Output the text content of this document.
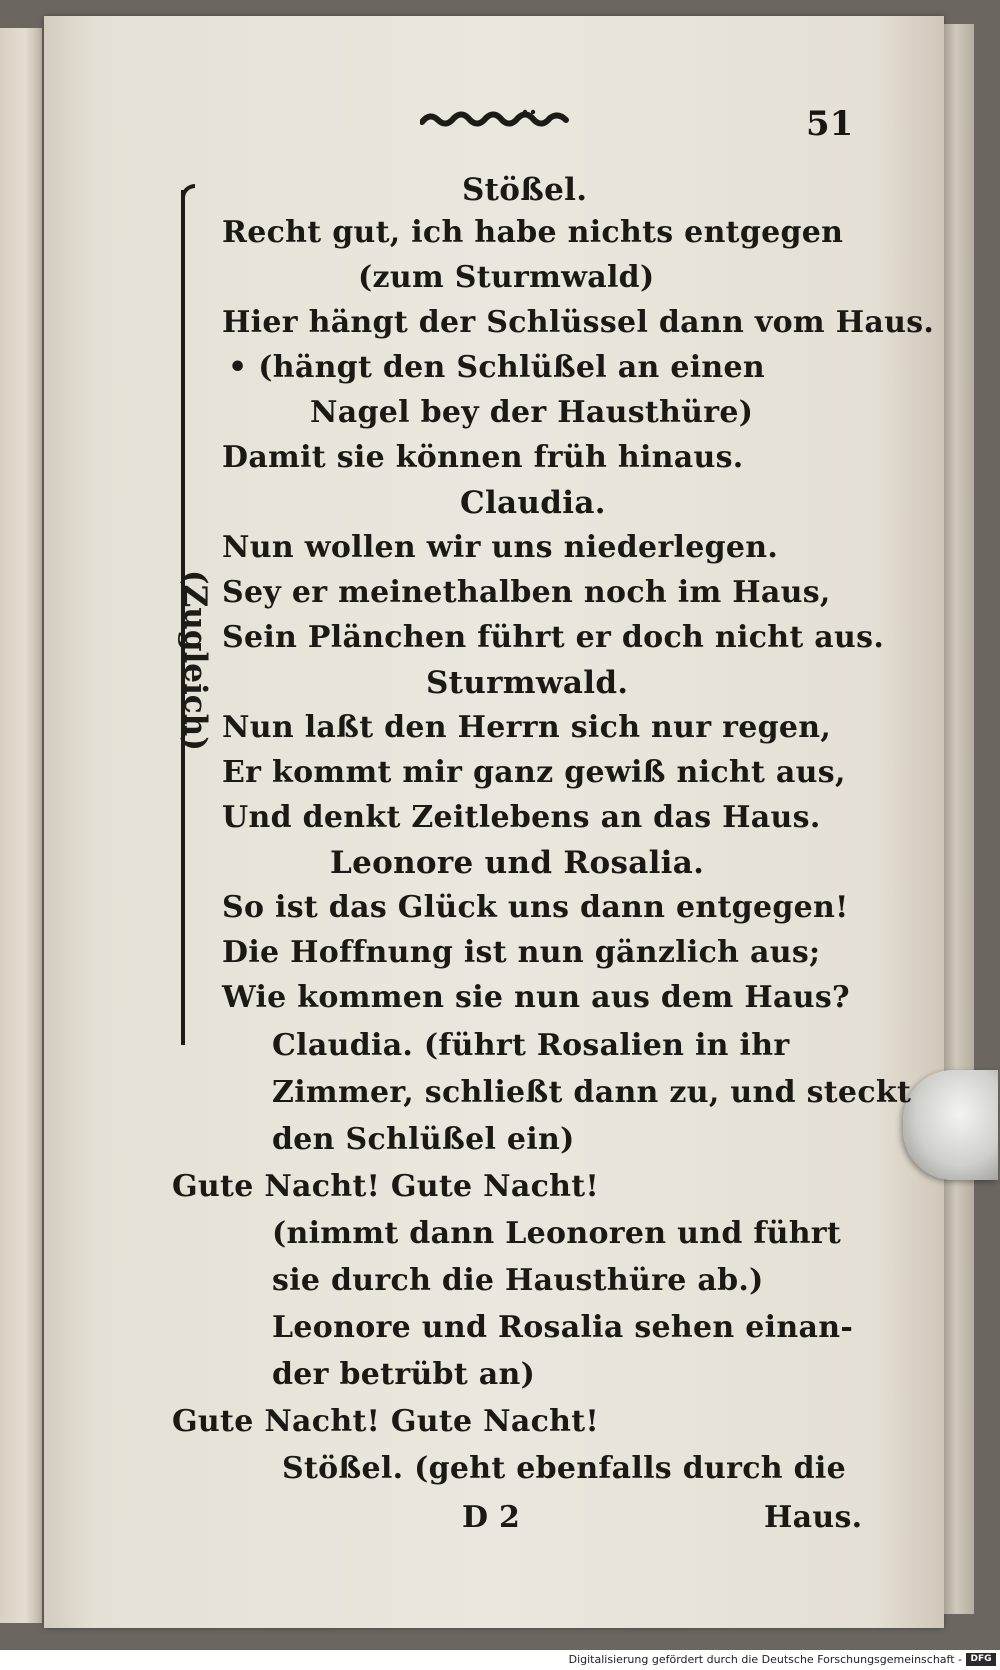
51
(Zugleich)
Stößel.
Recht gut, ich habe nichts entgegen
(zum Sturmwald)
Hier hängt der Schlüssel dann vom Haus.
• (hängt den Schlüßel an einen
Nagel bey der Hausthüre)
Damit sie können früh hinaus.
Claudia.
Nun wollen wir uns niederlegen.
Sey er meinethalben noch im Haus,
Sein Plänchen führt er doch nicht aus.
Sturmwald.
Nun laßt den Herrn sich nur regen,
Er kommt mir ganz gewiß nicht aus,
Und denkt Zeitlebens an das Haus.
Leonore und Rosalia.
So ist das Glück uns dann entgegen!
Die Hoffnung ist nun gänzlich aus;
Wie kommen sie nun aus dem Haus?
Claudia. (führt Rosalien in ihr
Zimmer, schließt dann zu, und steckt
den Schlüßel ein)
Gute Nacht! Gute Nacht!
(nimmt dann Leonoren und führt
sie durch die Hausthüre ab.)
Leonore und Rosalia sehen einan-
der betrübt an)
Gute Nacht! Gute Nacht!
Stößel. (geht ebenfalls durch die
D 2	Haus.
Digitalisierung gefördert durch die Deutsche Forschungsgemeinschaft - DFG
